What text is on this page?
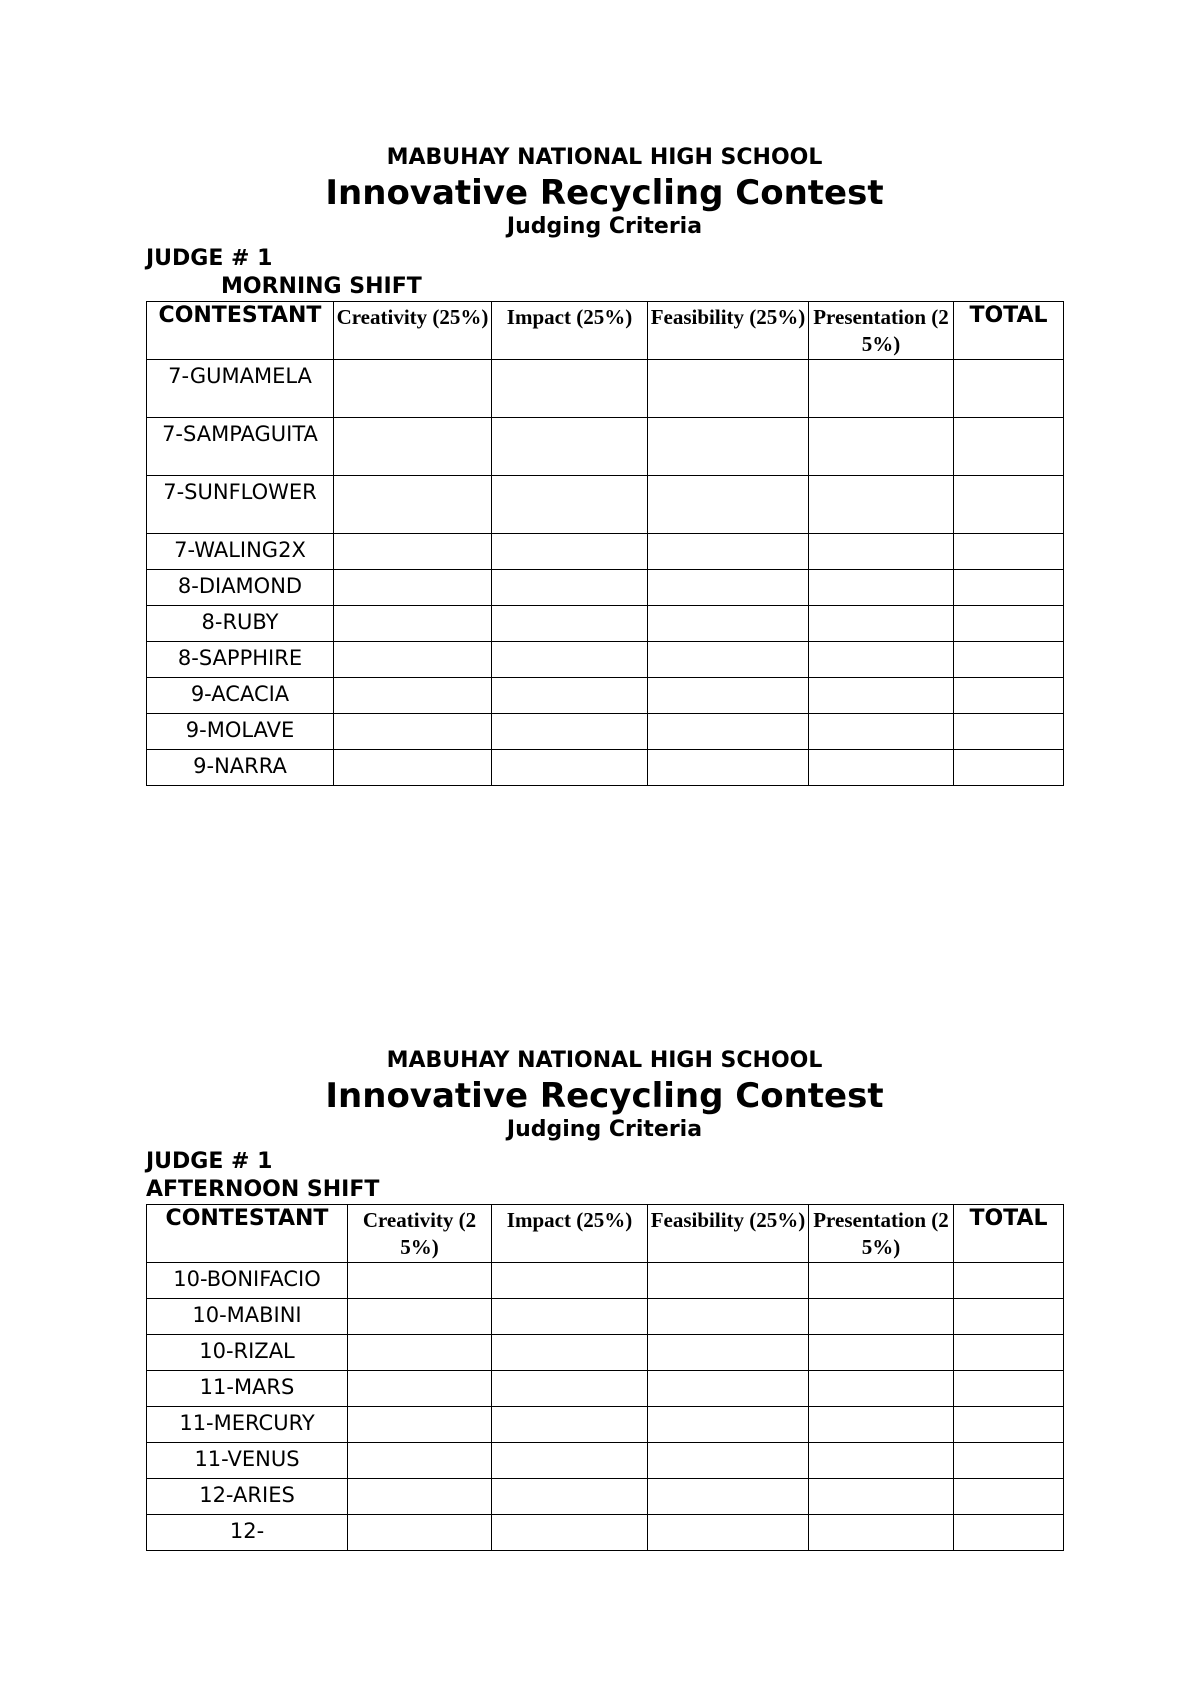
MABUHAY NATIONAL HIGH SCHOOL
Innovative Recycling Contest
Judging Criteria
JUDGE # 1
MORNING SHIFT
CONTESTANT	Creativity (25%)	Impact (25%)	Feasibility (25%)	Presentation (25%)	TOTAL
7-GUMAMELA					
7-SAMPAGUITA					
7-SUNFLOWER					
7-WALING2X					
8-DIAMOND					
8-RUBY					
8-SAPPHIRE					
9-ACACIA					
9-MOLAVE					
9-NARRA					
MABUHAY NATIONAL HIGH SCHOOL
Innovative Recycling Contest
Judging Criteria
JUDGE # 1
AFTERNOON SHIFT
CONTESTANT	Creativity (25%)	Impact (25%)	Feasibility (25%)	Presentation (25%)	TOTAL
10-BONIFACIO					
10-MABINI					
10-RIZAL					
11-MARS					
11-MERCURY					
11-VENUS					
12-ARIES					
12-					
